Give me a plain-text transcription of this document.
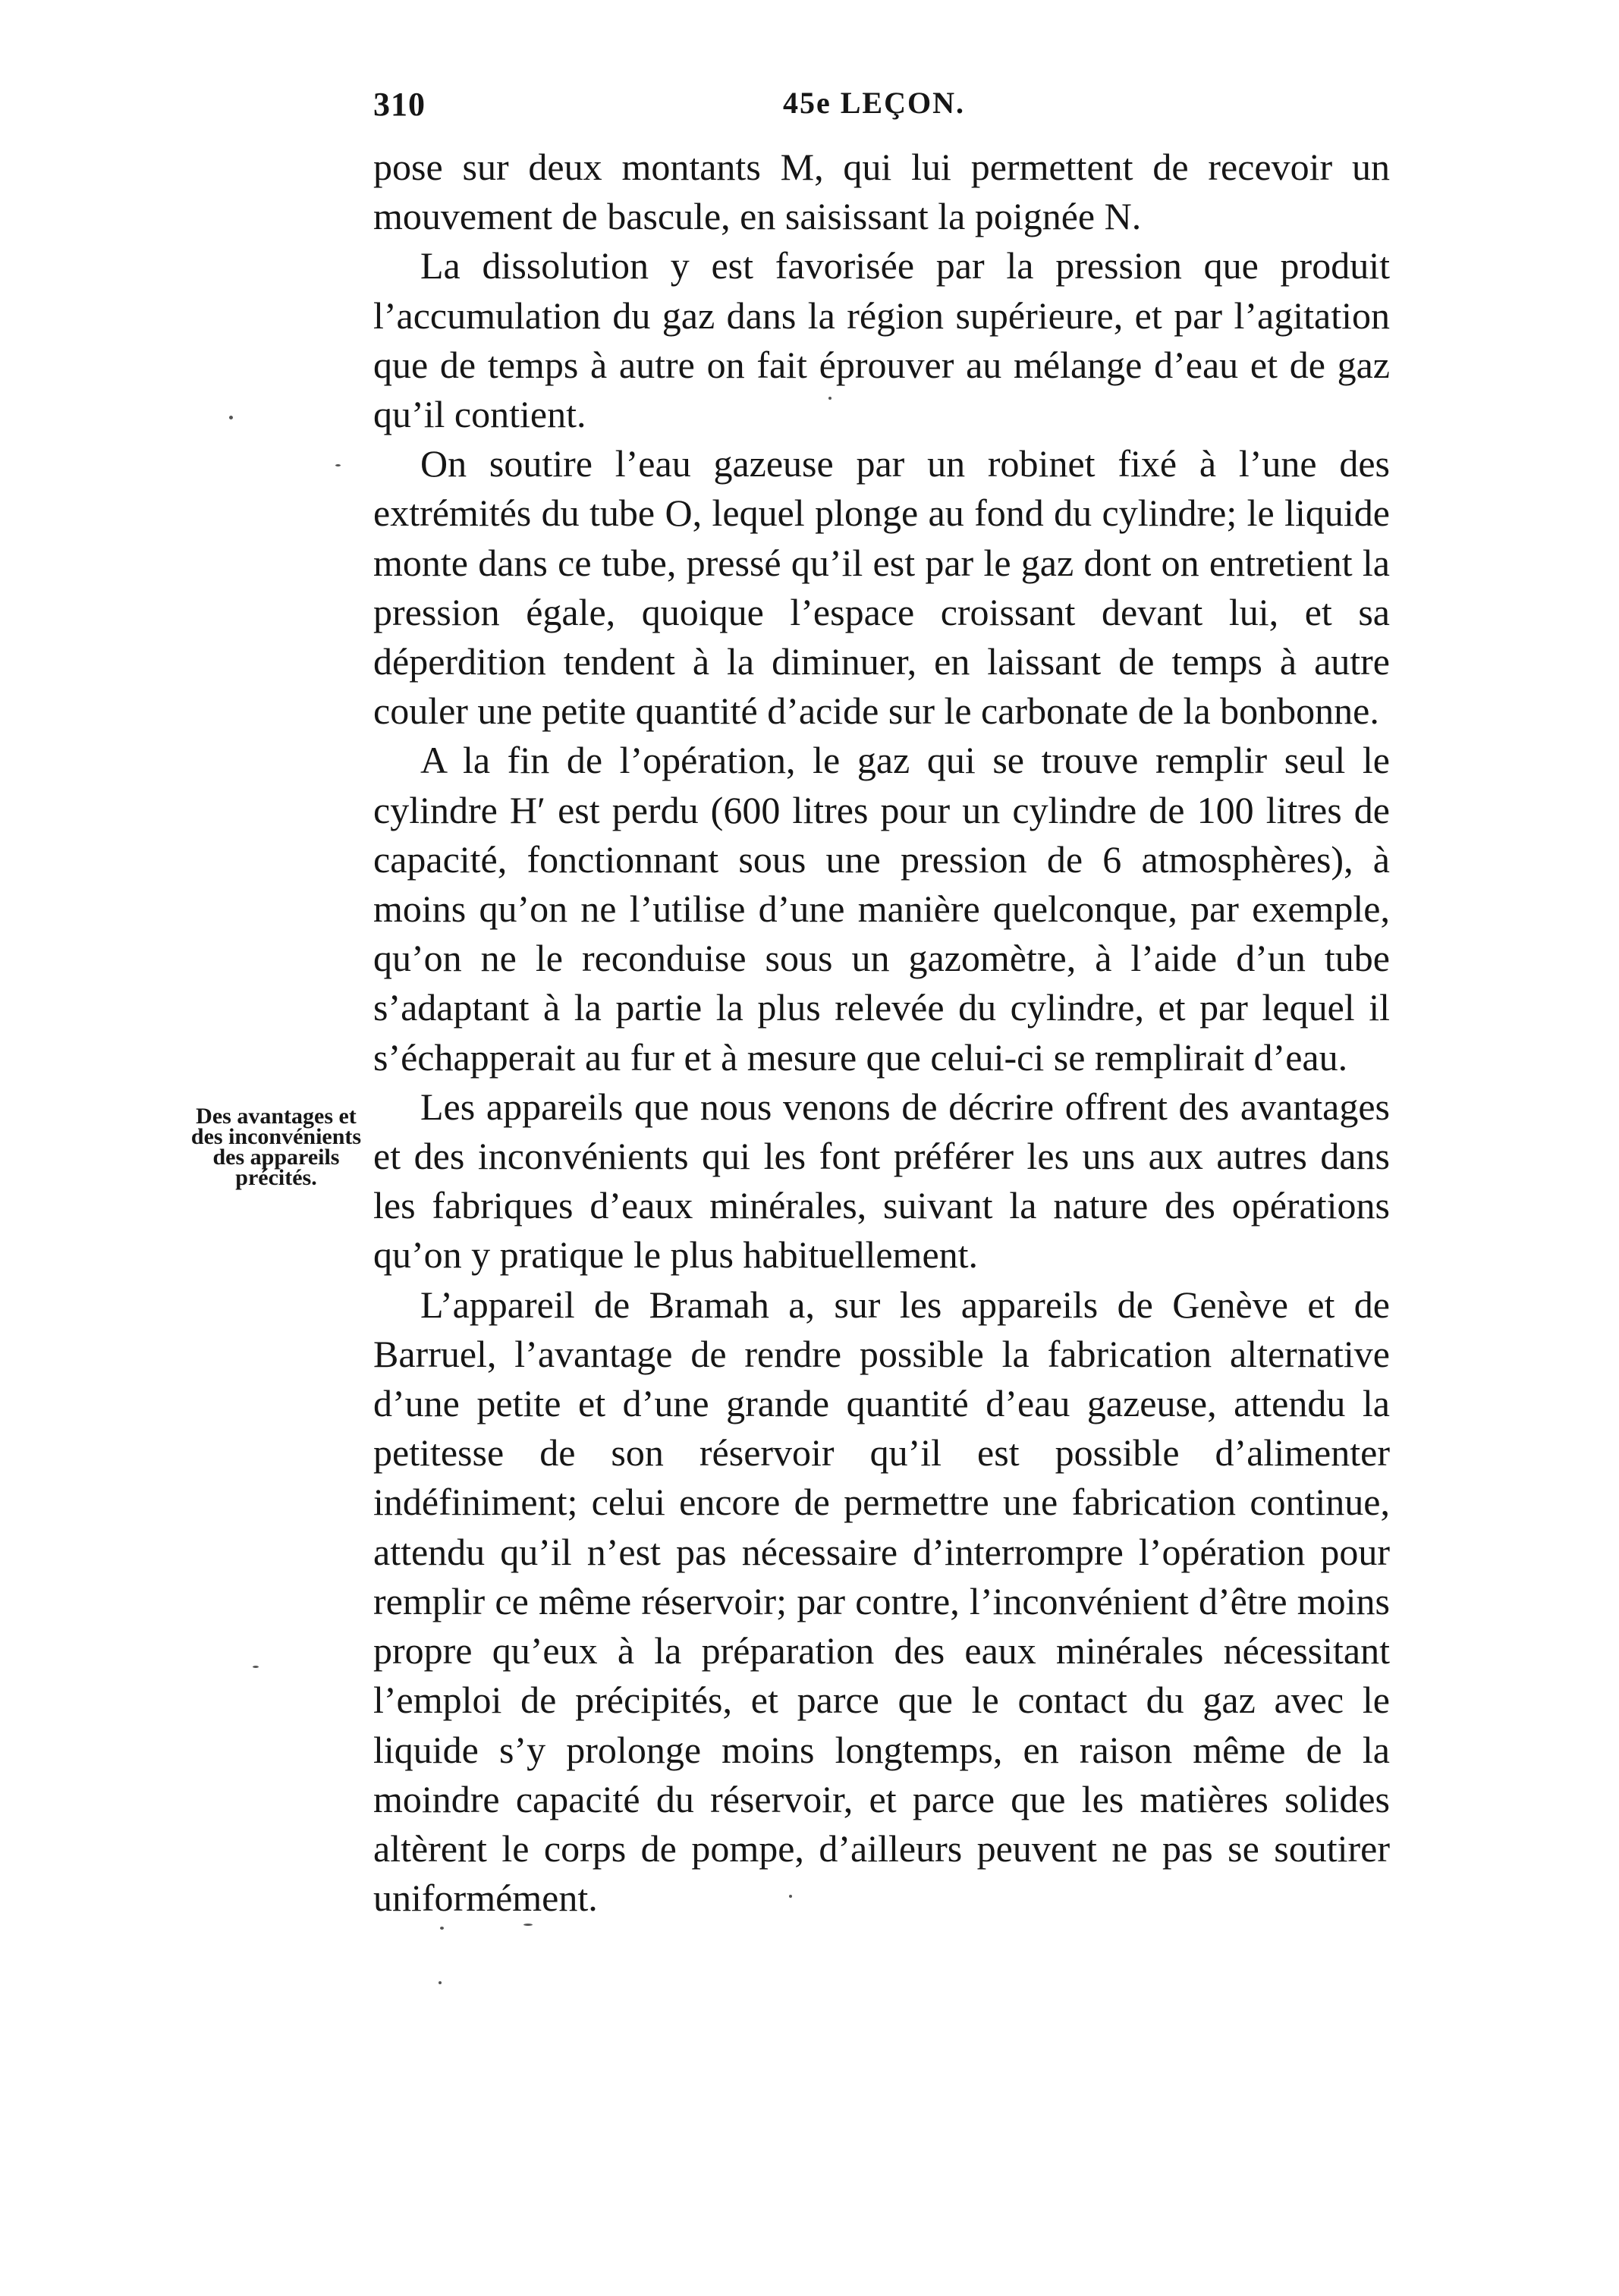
310	45e LEÇON.

pose sur deux montants M, qui lui permettent de recevoir un mouvement de bascule, en saisissant la poignée N.

La dissolution y est favorisée par la pression que produit l’accumulation du gaz dans la région supérieure, et par l’agitation que de temps à autre on fait éprouver au mélange d’eau et de gaz qu’il contient.

On soutire l’eau gazeuse par un robinet fixé à l’une des extrémités du tube O, lequel plonge au fond du cylindre; le liquide monte dans ce tube, pressé qu’il est par le gaz dont on entretient la pression égale, quoique l’espace croissant devant lui, et sa déperdition tendent à la diminuer, en laissant de temps à autre couler une petite quantité d’acide sur le carbonate de la bonbonne.

A la fin de l’opération, le gaz qui se trouve remplir seul le cylindre H′ est perdu (600 litres pour un cylindre de 100 litres de capacité, fonctionnant sous une pression de 6 atmosphères), à moins qu’on ne l’utilise d’une manière quelconque, par exemple, qu’on ne le reconduise sous un gazomètre, à l’aide d’un tube s’adaptant à la partie la plus relevée du cylindre, et par lequel il s’échapperait au fur et à mesure que celui-ci se remplirait d’eau.

Les appareils que nous venons de décrire offrent des avantages et des inconvénients qui les font préférer les uns aux autres dans les fabriques d’eaux minérales, suivant la nature des opérations qu’on y pratique le plus habituellement.

L’appareil de Bramah a, sur les appareils de Genève et de Barruel, l’avantage de rendre possible la fabrication alternative d’une petite et d’une grande quantité d’eau gazeuse, attendu la petitesse de son réservoir qu’il est possible d’alimenter indéfiniment; celui encore de permettre une fabrication continue, attendu qu’il n’est pas nécessaire d’interrompre l’opération pour remplir ce même réservoir; par contre, l’inconvénient d’être moins propre qu’eux à la préparation des eaux minérales nécessitant l’emploi de précipités, et parce que le contact du gaz avec le liquide s’y prolonge moins longtemps, en raison même de la moindre capacité du réservoir, et parce que les matières solides altèrent le corps de pompe, d’ailleurs peuvent ne pas se soutirer uniformément.

Des avantages et des inconvénients des appareils précités.
